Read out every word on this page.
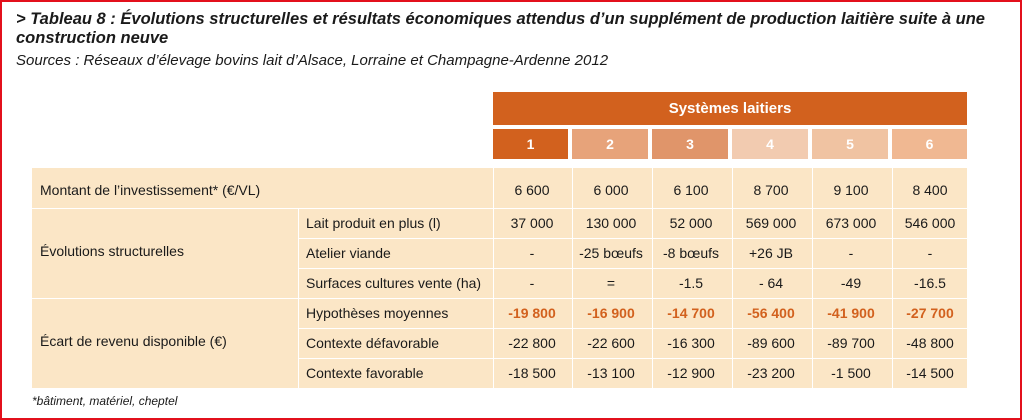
> Tableau 8 : Évolutions structurelles et résultats économiques attendus d’un supplément de production laitière suite à une construction neuve
Sources : Réseaux d’élevage bovins lait d’Alsace, Lorraine et Champagne-Ardenne 2012
Systèmes laitiers
1	2	3	4	5	6
Montant de l’investissement* (€/VL)	6 600	6 000	6 100	8 700	9 100	8 400
Évolutions structurelles
Lait produit en plus (l)	37 000	130 000	52 000	569 000	673 000	546 000
Atelier viande	-	-25 bœufs	-8 bœufs	+26 JB	-	-
Surfaces cultures vente (ha)	-	=	-1.5	- 64	-49	-16.5
Écart de revenu disponible (€)
Hypothèses moyennes	-19 800	-16 900	-14 700	-56 400	-41 900	-27 700
Contexte défavorable	-22 800	-22 600	-16 300	-89 600	-89 700	-48 800
Contexte favorable	-18 500	-13 100	-12 900	-23 200	-1 500	-14 500
*bâtiment, matériel, cheptel
